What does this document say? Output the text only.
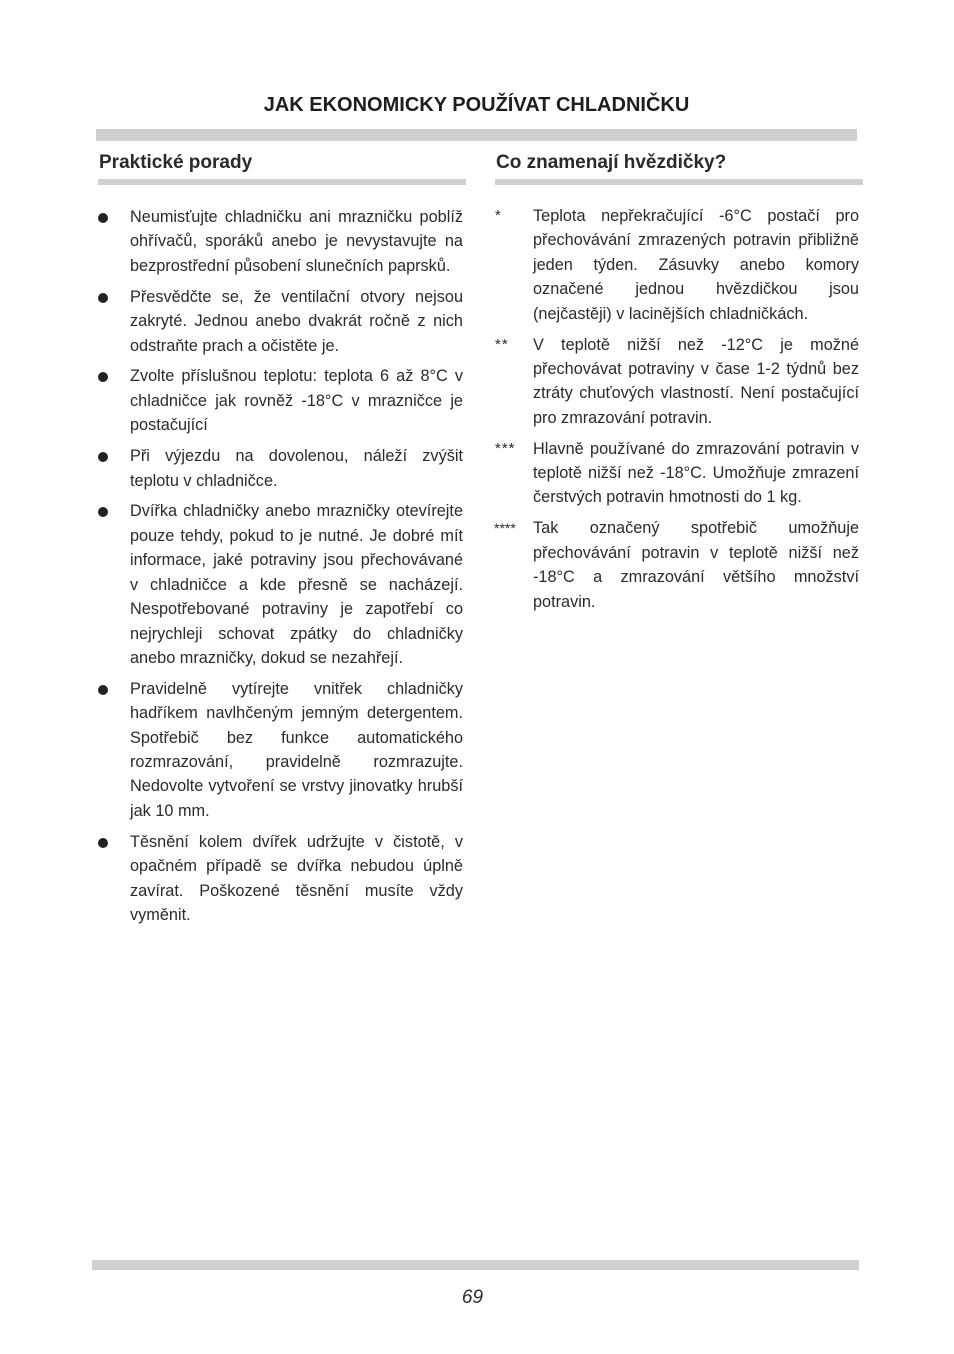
JAK EKONOMICKY POUŽÍVAT CHLADNIČKU
Praktické porady
Neumisťujte chladničku ani mrazničku poblíž ohřívačů, sporáků anebo je nevystavujte na bezprostřední působení slunečních paprsků.
Přesvědčte se, že ventilační otvory nejsou zakryté. Jednou anebo dvakrát ročně z nich odstraňte prach a očistěte je.
Zvolte příslušnou teplotu: teplota 6 až 8°C v chladničce jak rovněž -18°C v mrazničce je postačující
Při výjezdu na dovolenou, náleží zvýšit teplotu v chladničce.
Dvířka chladničky anebo mrazničky otevírejte pouze tehdy, pokud to je nutné. Je dobré mít informace, jaké potraviny jsou přechovávané v chladničce a kde přesně se nacházejí. Nespotřebované potraviny je zapotřebí co nejrychleji schovat zpátky do chladničky anebo mrazničky, dokud se nezahřejí.
Pravidelně vytírejte vnitřek chladničky hadříkem navlhčeným jemným detergentem. Spotřebič bez funkce automatického rozmrazování, pravidelně rozmrazujte. Nedovolte vytvoření se vrstvy jinovatky hrubší jak 10 mm.
Těsnění kolem dvířek udržujte v čistotě, v opačném případě se dvířka nebudou úplně zavírat. Poškozené těsnění musíte vždy vyměnit.
Co znamenají hvězdičky?
* Teplota nepřekračující -6°C postačí pro přechovávání zmrazených potravin přibližně jeden týden. Zásuvky anebo komory označené jednou hvězdičkou jsou (nejčastěji) v lacinějších chladničkách.
** V teplotě nižší než -12°C je možné přechovávat potraviny v čase 1-2 týdnů bez ztráty chuťových vlastností. Není postačující pro zmrazování potravin.
*** Hlavně používané do zmrazování potravin v teplotě nižší než -18°C. Umožňuje zmrazení čerstvých potravin hmotnosti do 1 kg.
**** Tak označený spotřebič umožňuje přechovávání potravin v teplotě nižší než -18°C a zmrazování většího množství potravin.
69
